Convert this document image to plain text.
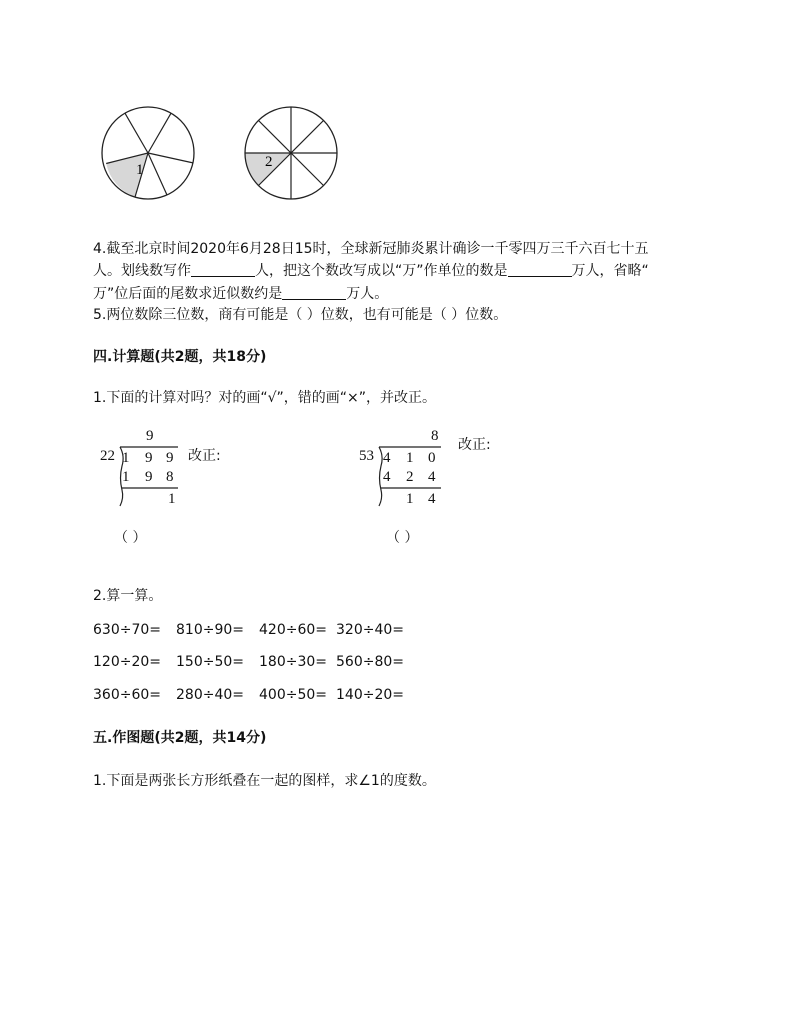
1	2
4.截至北京时间2020年6月28日15时，全球新冠肺炎累计确诊一千零四万三千六百七十五
人。划线数写作	人，把这个数改写成以“万”作单位的数是	万人，省略“
万”位后面的尾数求近似数约是	万人。
5.两位数除三位数，商有可能是（ ）位数，也有可能是（ ）位数。
四.计算题(共2题，共18分)
1.下面的计算对吗？对的画“√”，错的画“×”，并改正。
9
22 1 9 9
1 9 8
1
改正:
（ ）
8
53 4 1 0
4 2 4
1 4
改正:
（ ）
2.算一算。
630÷70= 810÷90= 420÷60= 320÷40=
120÷20= 150÷50= 180÷30= 560÷80=
360÷60= 280÷40= 400÷50= 140÷20=
五.作图题(共2题，共14分)
1.下面是两张长方形纸叠在一起的图样，求∠1的度数。
